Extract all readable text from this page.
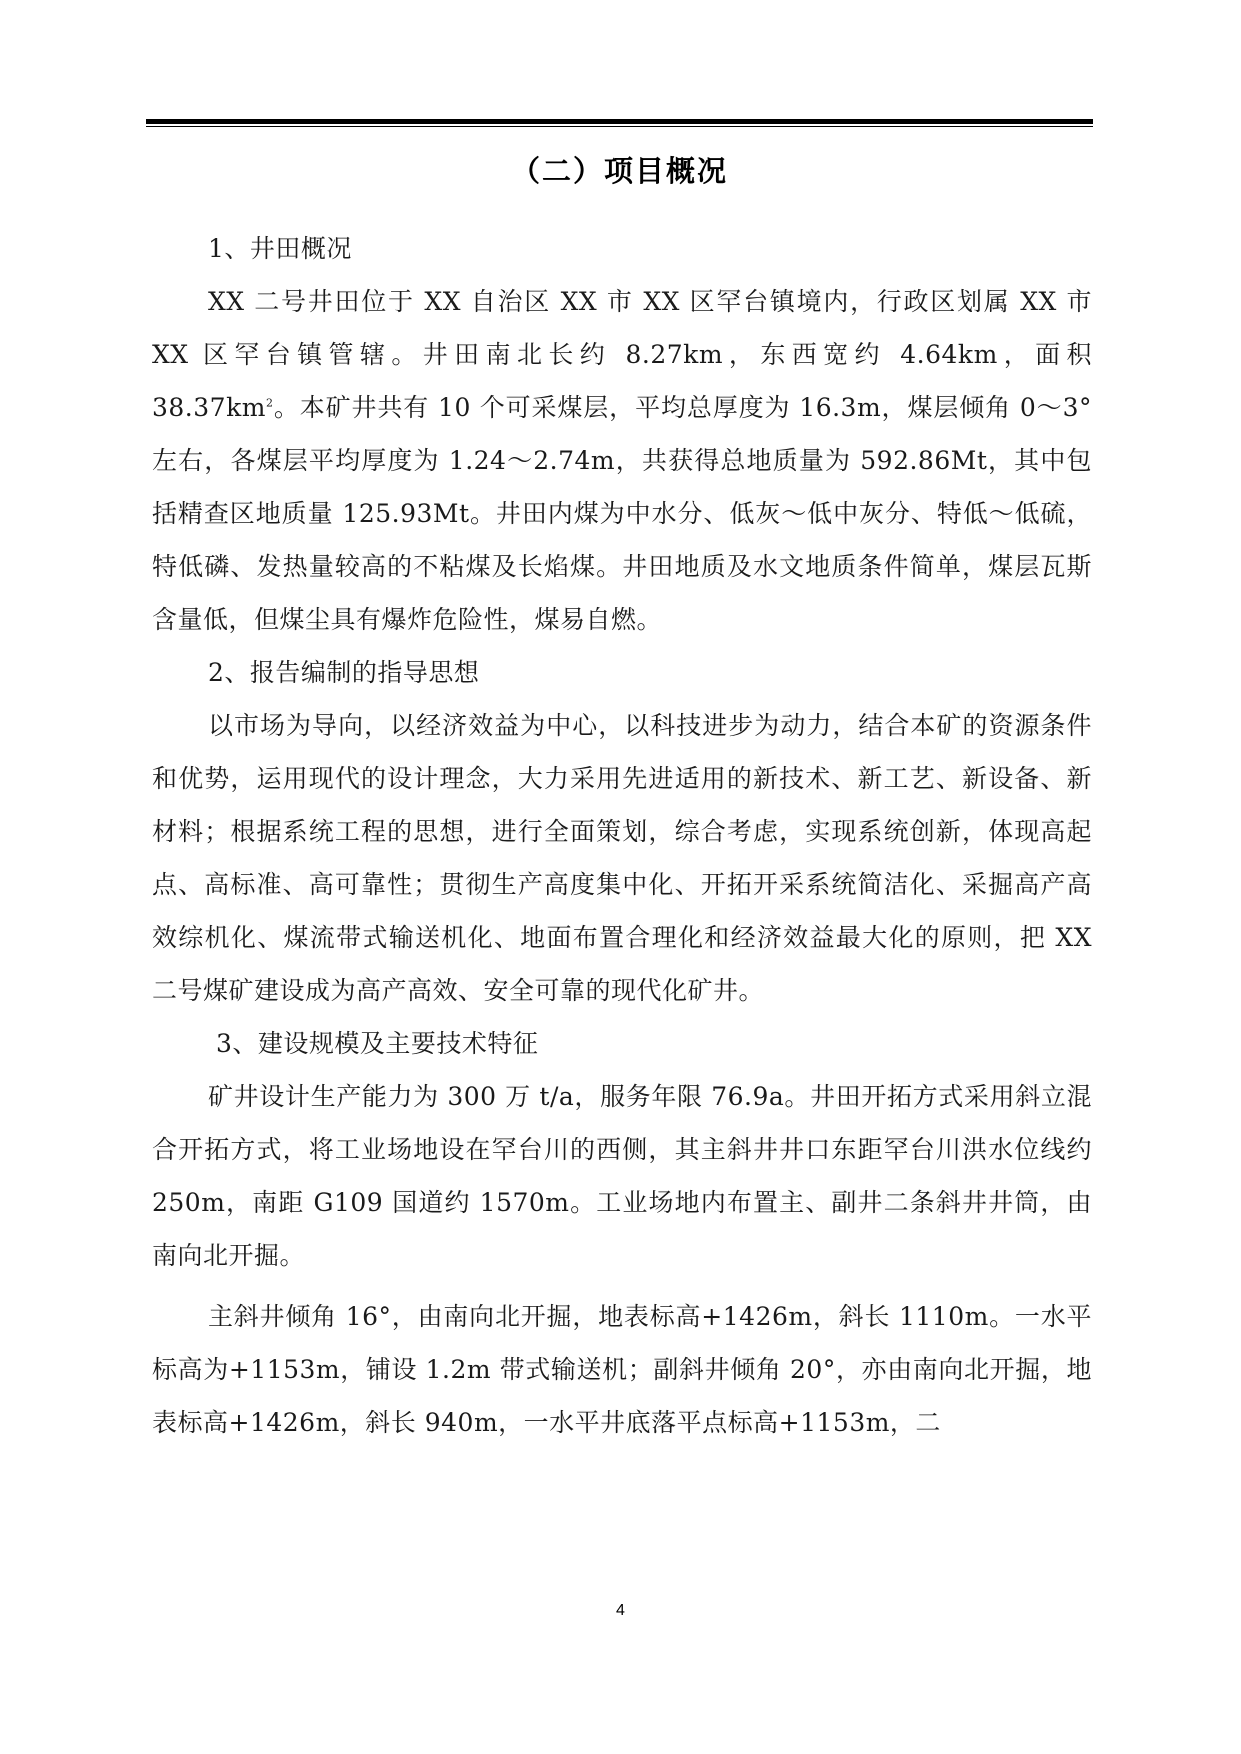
（二）项目概况

1、井田概况

XX 二号井田位于 XX 自治区 XX 市 XX 区罕台镇境内，行政区划属 XX 市 XX 区罕台镇管辖。井田南北长约 8.27km，东西宽约 4.64km，面积 $38.37km^2$。本矿井共有 10 个可采煤层，平均总厚度为 16.3m，煤层倾角 0～3°左右，各煤层平均厚度为 1.24～2.74m，共获得总地质量为 592.86Mt，其中包括精查区地质量 125.93Mt。井田内煤为中水分、低灰～低中灰分、特低～低硫，特低磷、发热量较高的不粘煤及长焰煤。井田地质及水文地质条件简单，煤层瓦斯含量低，但煤尘具有爆炸危险性，煤易自燃。

2、报告编制的指导思想

以市场为导向，以经济效益为中心，以科技进步为动力，结合本矿的资源条件和优势，运用现代的设计理念，大力采用先进适用的新技术、新工艺、新设备、新材料；根据系统工程的思想，进行全面策划，综合考虑，实现系统创新，体现高起点、高标准、高可靠性；贯彻生产高度集中化、开拓开采系统简洁化、采掘高产高效综机化、煤流带式输送机化、地面布置合理化和经济效益最大化的原则，把 XX 二号煤矿建设成为高产高效、安全可靠的现代化矿井。

3、建设规模及主要技术特征

矿井设计生产能力为 300 万 t/a，服务年限 76.9a。井田开拓方式采用斜立混合开拓方式，将工业场地设在罕台川的西侧，其主斜井井口东距罕台川洪水位线约 250m，南距 G109 国道约 1570m。工业场地内布置主、副井二条斜井井筒，由南向北开掘。

主斜井倾角 16°，由南向北开掘，地表标高+1426m，斜长 1110m。一水平标高为+1153m，铺设 1.2m 带式输送机；副斜井倾角 20°，亦由南向北开掘，地表标高+1426m，斜长 940m，一水平井底落平点标高+1153m，二

4
